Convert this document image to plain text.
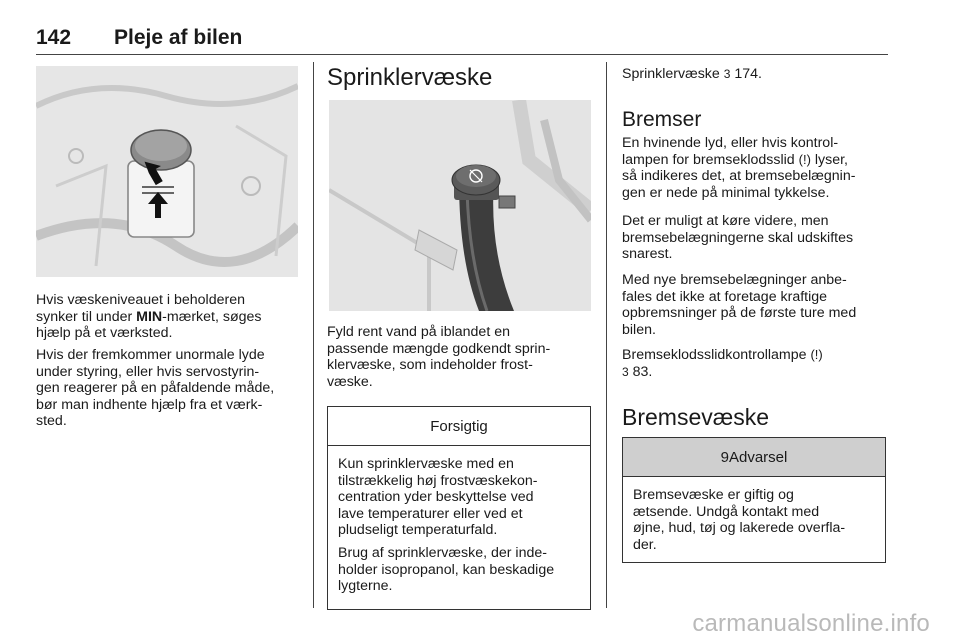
142 Pleje af bilen

Hvis væskeniveauet i beholderen
synker til under MIN-mærket, søges
hjælp på et værksted.

Hvis der fremkommer unormale lyde
under styring, eller hvis servostyrin-
gen reagerer på en påfaldende måde,
bør man indhente hjælp fra et værk-
sted.

Sprinklervæske

Fyld rent vand på iblandet en
passende mængde godkendt sprin-
klervæske, som indeholder frost-
væske.

Forsigtig

Kun sprinklervæske med en
tilstrækkelig høj frostvæskekon-
centration yder beskyttelse ved
lave temperaturer eller ved et
pludseligt temperaturfald.

Brug af sprinklervæske, der inde-
holder isopropanol, kan beskadige
lygterne.

Sprinklervæske 3 174.

Bremser

En hvinende lyd, eller hvis kontrol-
lampen for bremseklodsslid (!) lyser,
så indikeres det, at bremsebelægnin-
gen er nede på minimal tykkelse.

Det er muligt at køre videre, men
bremsebelægningerne skal udskiftes
snarest.

Med nye bremsebelægninger anbe-
fales det ikke at foretage kraftige
opbremsninger på de første ture med
bilen.

Bremseklodsslidkontrollampe (!)
3 83.

Bremsevæske
9 Advarsel

Bremsevæske er giftig og
ætsende. Undgå kontakt med
øjne, hud, tøj og lakerede overfla-
der.

carmanualsonline.info
